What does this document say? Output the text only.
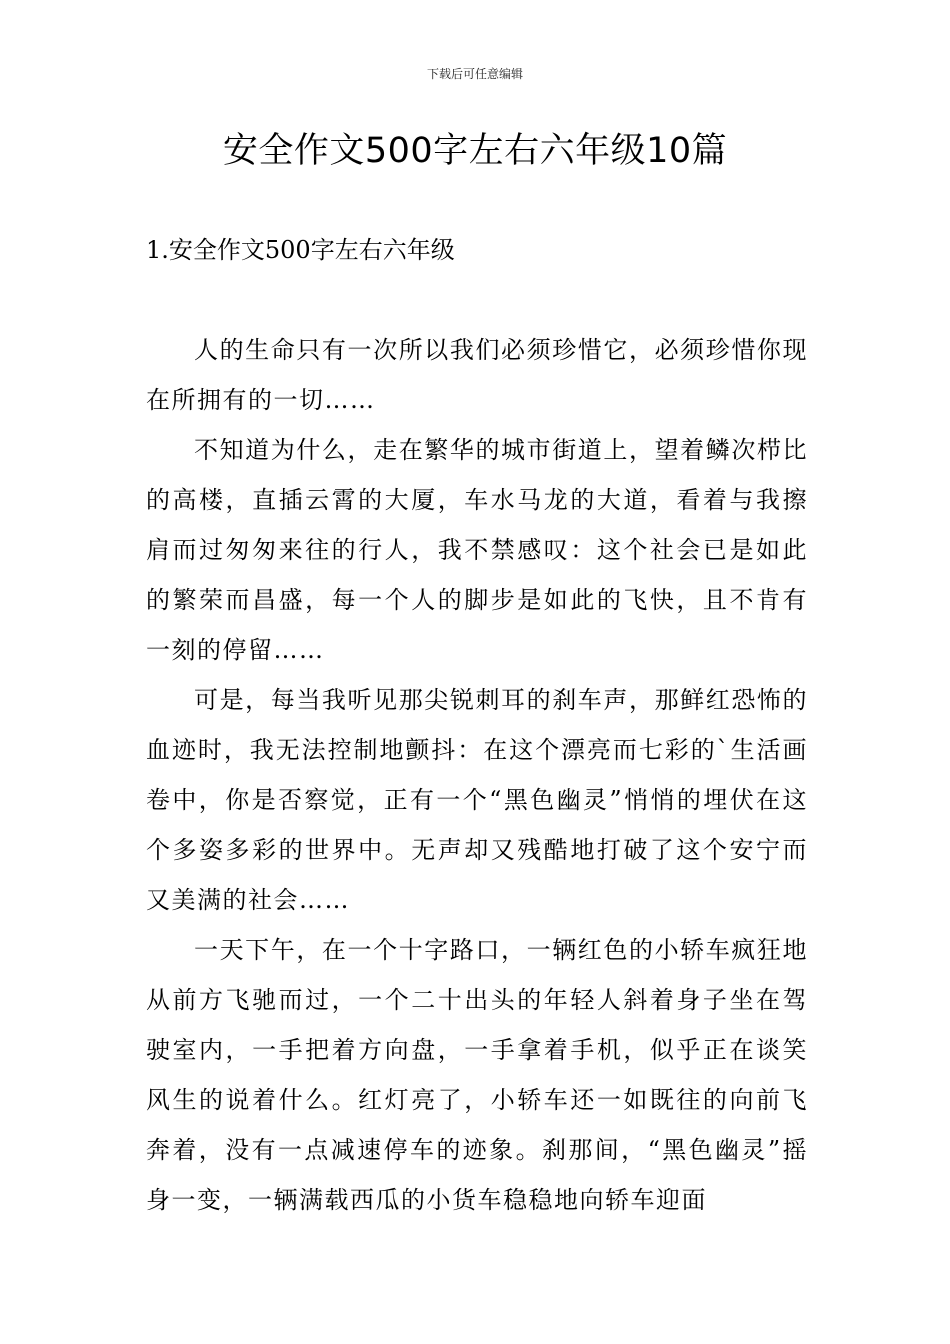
下载后可任意编辑
安全作文500字左右六年级10篇
1.安全作文500字左右六年级

人的生命只有一次所以我们必须珍惜它，必须珍惜你现在所拥有的一切……

不知道为什么，走在繁华的城市街道上，望着鳞次栉比的高楼，直插云霄的大厦，车水马龙的大道，看着与我擦肩而过匆匆来往的行人，我不禁感叹：这个社会已是如此的繁荣而昌盛，每一个人的脚步是如此的飞快，且不肯有一刻的停留……

可是，每当我听见那尖锐刺耳的刹车声，那鲜红恐怖的血迹时，我无法控制地颤抖：在这个漂亮而七彩的`生活画卷中，你是否察觉，正有一个“黑色幽灵”悄悄的埋伏在这个多姿多彩的世界中。无声却又残酷地打破了这个安宁而又美满的社会……

一天下午，在一个十字路口，一辆红色的小轿车疯狂地从前方飞驰而过，一个二十出头的年轻人斜着身子坐在驾驶室内，一手把着方向盘，一手拿着手机，似乎正在谈笑风生的说着什么。红灯亮了，小轿车还一如既往的向前飞奔着，没有一点减速停车的迹象。刹那间，“黑色幽灵”摇身一变，一辆满载西瓜的小货车稳稳地向轿车迎面
